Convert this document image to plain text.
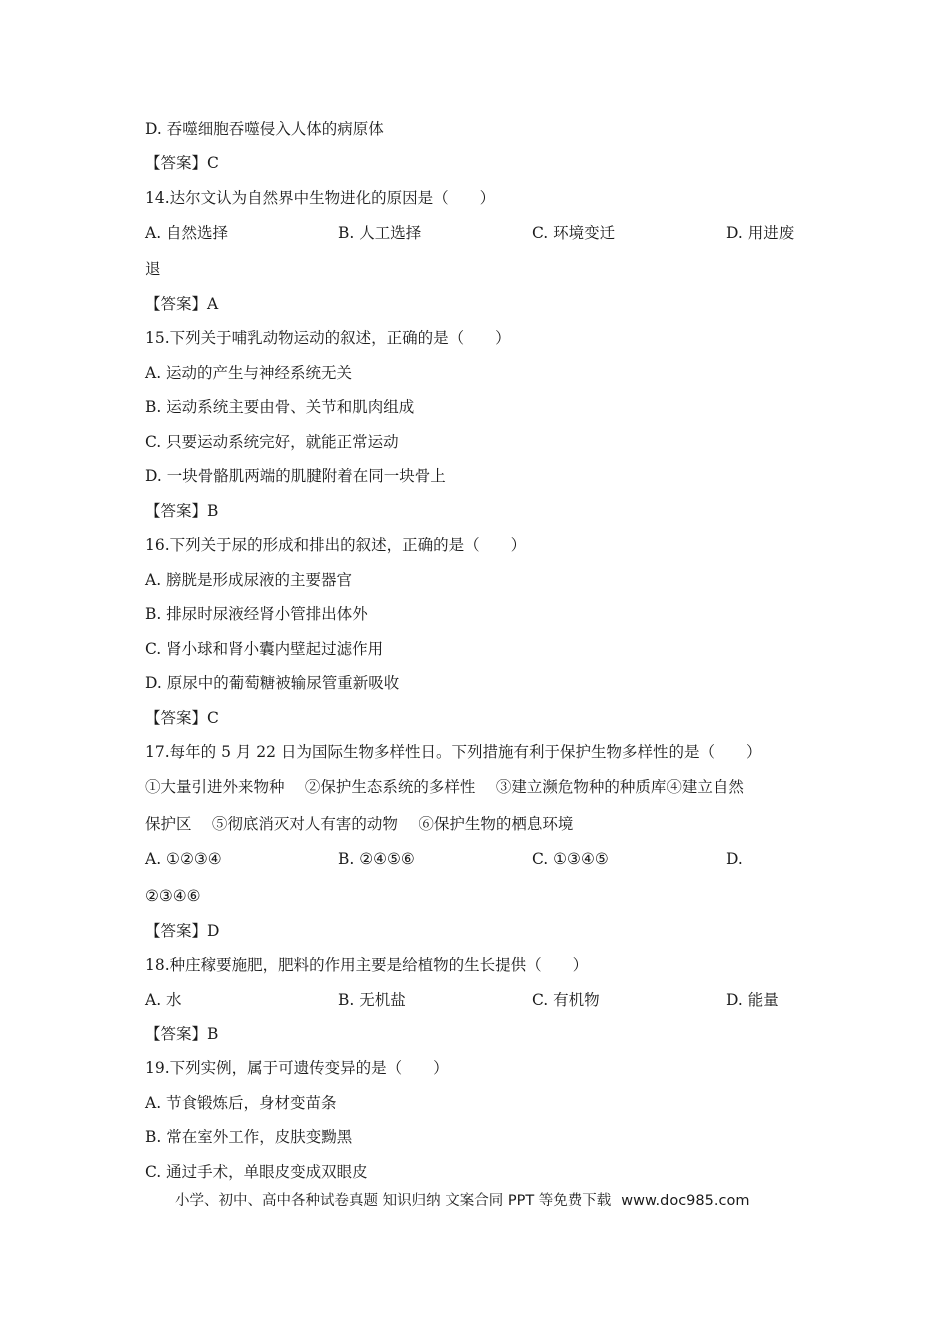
D. 吞噬细胞吞噬侵入人体的病原体
【答案】C
14.达尔文认为自然界中生物进化的原因是（　　）
A. 自然选择	B. 人工选择	C. 环境变迁	D. 用进废
退
【答案】A
15.下列关于哺乳动物运动的叙述，正确的是（　　）
A. 运动的产生与神经系统无关
B. 运动系统主要由骨、关节和肌肉组成
C. 只要运动系统完好，就能正常运动
D. 一块骨骼肌两端的肌腱附着在同一块骨上
【答案】B
16.下列关于尿的形成和排出的叙述，正确的是（　　）
A. 膀胱是形成尿液的主要器官
B. 排尿时尿液经肾小管排出体外
C. 肾小球和肾小囊内壁起过滤作用
D. 原尿中的葡萄糖被输尿管重新吸收
【答案】C
17.每年的 5 月 22 日为国际生物多样性日。下列措施有利于保护生物多样性的是（　　）
①大量引进外来物种　 ②保护生态系统的多样性　 ③建立濒危物种的种质库④建立自然
保护区　 ⑤彻底消灭对人有害的动物　 ⑥保护生物的栖息环境
A. ①②③④	B. ②④⑤⑥	C. ①③④⑤	D.
②③④⑥
【答案】D
18.种庄稼要施肥，肥料的作用主要是给植物的生长提供（　　）
A. 水	B. 无机盐	C. 有机物	D. 能量
【答案】B
19.下列实例，属于可遗传变异的是（　　）
A. 节食锻炼后，身材变苗条
B. 常在室外工作，皮肤变黝黑
C. 通过手术，单眼皮变成双眼皮
小学、初中、高中各种试卷真题 知识归纳 文案合同 PPT 等免费下载 www.doc985.com
